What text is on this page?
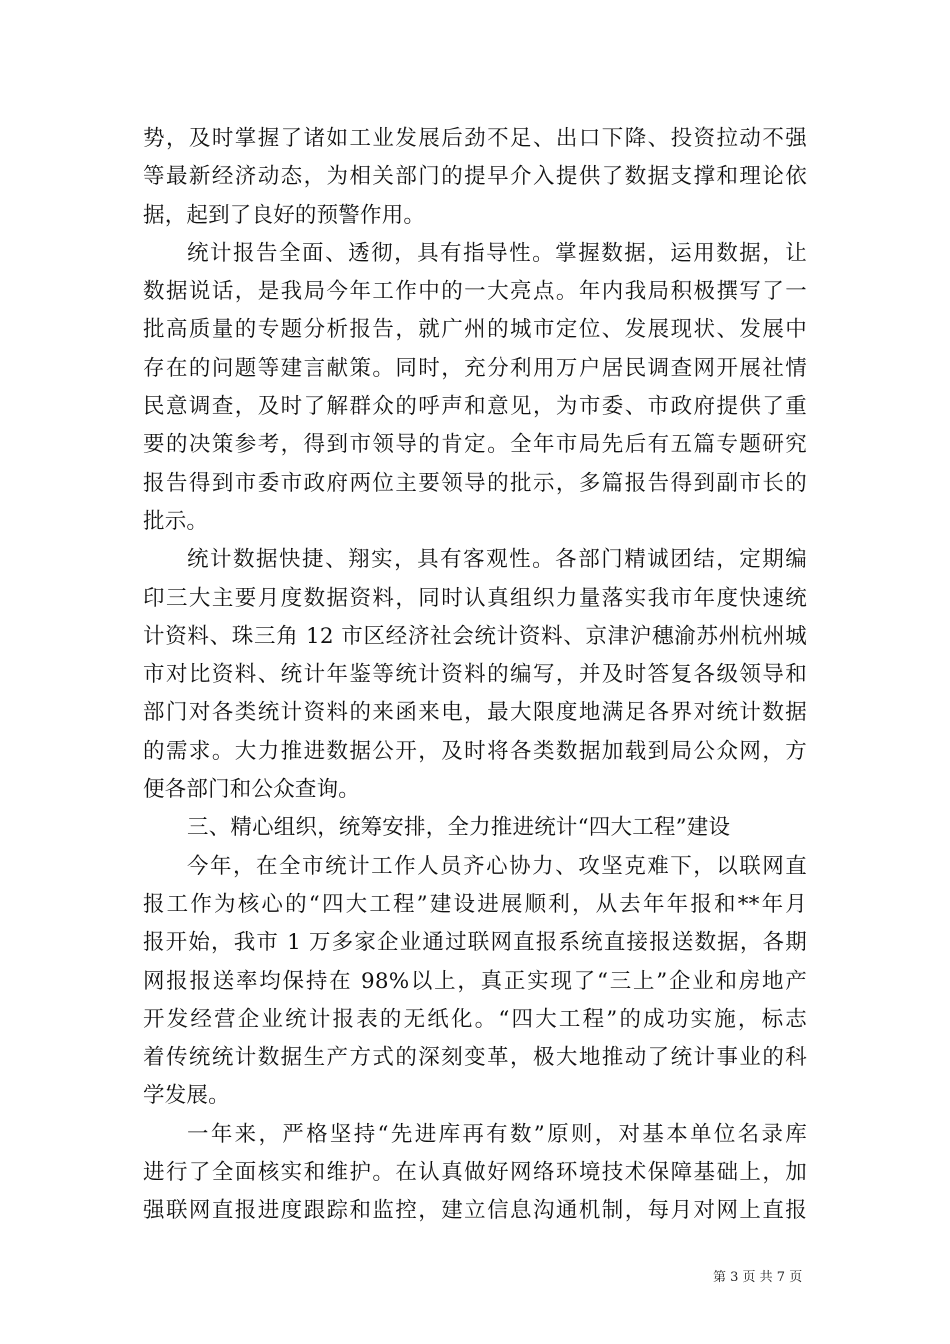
势，及时掌握了诸如工业发展后劲不足、出口下降、投资拉动不强
等最新经济动态，为相关部门的提早介入提供了数据支撑和理论依
据，起到了良好的预警作用。
统计报告全面、透彻，具有指导性。掌握数据，运用数据，让
数据说话，是我局今年工作中的一大亮点。年内我局积极撰写了一
批高质量的专题分析报告，就广州的城市定位、发展现状、发展中
存在的问题等建言献策。同时，充分利用万户居民调查网开展社情
民意调查，及时了解群众的呼声和意见，为市委、市政府提供了重
要的决策参考，得到市领导的肯定。全年市局先后有五篇专题研究
报告得到市委市政府两位主要领导的批示，多篇报告得到副市长的
批示。
统计数据快捷、翔实，具有客观性。各部门精诚团结，定期编
印三大主要月度数据资料，同时认真组织力量落实我市年度快速统
计资料、珠三角 12 市区经济社会统计资料、京津沪穗渝苏州杭州城
市对比资料、统计年鉴等统计资料的编写，并及时答复各级领导和
部门对各类统计资料的来函来电，最大限度地满足各界对统计数据
的需求。大力推进数据公开，及时将各类数据加载到局公众网，方
便各部门和公众查询。
三、精心组织，统筹安排，全力推进统计“四大工程”建设
今年，在全市统计工作人员齐心协力、攻坚克难下，以联网直
报工作为核心的“四大工程”建设进展顺利，从去年年报和**年月
报开始，我市 1 万多家企业通过联网直报系统直接报送数据，各期
网报报送率均保持在 98%以上，真正实现了“三上”企业和房地产
开发经营企业统计报表的无纸化。“四大工程”的成功实施，标志
着传统统计数据生产方式的深刻变革，极大地推动了统计事业的科
学发展。
一年来，严格坚持“先进库再有数”原则，对基本单位名录库
进行了全面核实和维护。在认真做好网络环境技术保障基础上，加
强联网直报进度跟踪和监控，建立信息沟通机制，每月对网上直报
第 3 页 共 7 页
